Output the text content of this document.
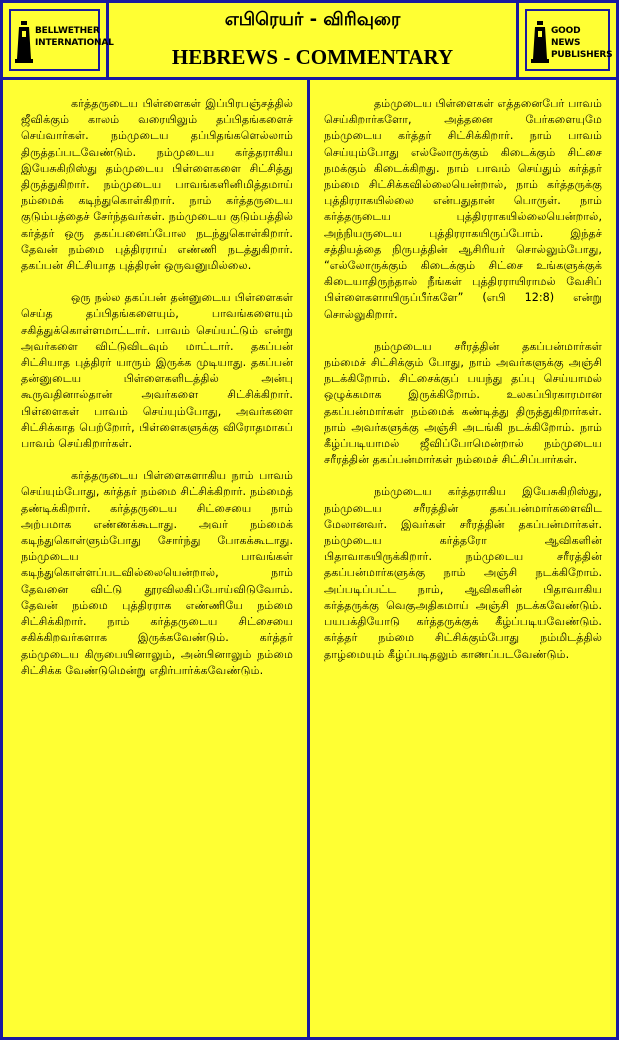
BELLWETHER
INTERNATIONAL
எபிரெயர் - விரிவுரை
HEBREWS - COMMENTARY
GOOD NEWS
PUBLISHERS

கர்த்தருடைய பிள்ளைகள் இப்பிரபஞ்சத்தில் ஜீவிக்கும் காலம் வரையிலும் தப்பிதங்களைச் செய்வார்கள். நம்முடைய தப்பிதங்களெல்லாம் திருத்தப்படவேண்டும். நம்முடைய கர்த்தராகிய இயேசுகிறிஸ்து தம்முடைய பிள்ளைகளை சிட்சித்து திருத்துகிறார். நம்முடைய பாவங்களினிமித்தமாய் நம்மைக் கடிந்துகொள்கிறார். நாம் கர்த்தருடைய குடும்பத்தைச் சேர்ந்தவர்கள். நம்முடைய குடும்பத்தில் கர்த்தர் ஒரு தகப்பனைப்போல நடந்துகொள்கிறார். தேவன் நம்மை புத்திரராய் எண்ணி நடத்துகிறார். தகப்பன் சிட்சியாத புத்திரன் ஒருவனுமில்லை.

ஒரு நல்ல தகப்பன் தன்னுடைய பிள்ளைகள் செய்த தப்பிதங்களையும், பாவங்களையும் சகித்துக்கொள்ளமாட்டார். பாவம் செய்யட்டும் என்று அவர்களை விட்டுவிடவும் மாட்டார். தகப்பன் சிட்சியாத புத்திரர் யாரும் இருக்க முடியாது. தகப்பன் தன்னுடைய பிள்ளைகளிடத்தில் அன்பு கூருவதினால்தான் அவர்களை சிட்சிக்கிறார். பிள்ளைகள் பாவம் செய்யும்போது, அவர்களை சிட்சிக்காத பெற்றோர், பிள்ளைகளுக்கு விரோதமாகப் பாவம் செய்கிறார்கள்.

கர்த்தருடைய பிள்ளைகளாகிய நாம் பாவம் செய்யும்போது, கர்த்தர் நம்மை சிட்சிக்கிறார். நம்மைத் தண்டிக்கிறார். கர்த்தருடைய சிட்சையை நாம் அற்பமாக எண்ணக்கூடாது. அவர் நம்மைக் கடிந்துகொள்ளும்போது சோர்ந்து போகக்கூடாது. நம்முடைய பாவங்கள் கடிந்துகொள்ளப்படவில்லையென்றால், நாம் தேவனை விட்டு தூரவிலகிப்போய்விடுவோம். தேவன் நம்மை புத்திரராக எண்ணியே நம்மை சிட்சிக்கிறார். நாம் கர்த்தருடைய சிட்சையை சகிக்கிறவர்களாக இருக்கவேண்டும். கர்த்தர் தம்முடைய கிருபையினாலும், அன்பினாலும் நம்மை சிட்சிக்க வேண்டுமென்று எதிர்பார்க்கவேண்டும்.

தம்முடைய பிள்ளைகள் எத்தனைபேர் பாவம் செய்கிறார்களோ, அத்தனை பேர்களையுமே நம்முடைய கர்த்தர் சிட்சிக்கிறார். நாம் பாவம் செய்யும்போது எல்லோருக்கும் கிடைக்கும் சிட்சை நமக்கும் கிடைக்கிறது. நாம் பாவம் செய்தும் கர்த்தர் நம்மை சிட்சிக்கவில்லையென்றால், நாம் கர்த்தருக்கு புத்திரராகயில்லை என்பதுதான் பொருள். நாம் கர்த்தருடைய புத்திரராகயில்லையென்றால், அந்நியருடைய புத்திரராகயிருப்போம். இந்தச் சத்தியத்தை நிருபத்தின் ஆசிரியர் சொல்லும்போது, “எல்லோருக்கும் கிடைக்கும் சிட்சை உங்களுக்குக் கிடையாதிருந்தால் நீங்கள் புத்திரராயிராமல் வேசிப் பிள்ளைகளாயிருப்பீர்களே” (எபி 12:8) என்று சொல்லுகிறார்.

நம்முடைய சரீரத்தின் தகப்பன்மார்கள் நம்மைச் சிட்சிக்கும் போது, நாம் அவர்களுக்கு அஞ்சி நடக்கிறோம். சிட்சைக்குப் பயந்து தப்பு செய்யாமல் ஒழுக்கமாக இருக்கிறோம். உலகப்பிரகாரமான தகப்பன்மார்கள் நம்மைக் கண்டித்து திருத்துகிறார்கள். நாம் அவர்களுக்கு அஞ்சி அடங்கி நடக்கிறோம். நாம் கீழ்ப்படியாமல் ஜீவிப்போமென்றால் நம்முடைய சரீரத்தின் தகப்பன்மார்கள் நம்மைச் சிட்சிப்பார்கள்.

நம்முடைய கர்த்தராகிய இயேசுகிறிஸ்து, நம்முடைய சரீரத்தின் தகப்பன்மார்களைவிட மேலானவர். இவர்கள் சரீரத்தின் தகப்பன்மார்கள். நம்முடைய கர்த்தரோ ஆவிகளின் பிதாவாகயிருக்கிறார். நம்முடைய சரீரத்தின் தகப்பன்மார்களுக்கு நாம் அஞ்சி நடக்கிறோம். அப்படிப்பட்ட நாம், ஆவிகளின் பிதாவாகிய கர்த்தருக்கு வெகுஅதிகமாய் அஞ்சி நடக்கவேண்டும். பயபக்தியோடு கர்த்தருக்குக் கீழ்ப்படியவேண்டும். கர்த்தர் நம்மை சிட்சிக்கும்போது நம்மிடத்தில் தாழ்மையும் கீழ்ப்படிதலும் காணப்படவேண்டும்.
